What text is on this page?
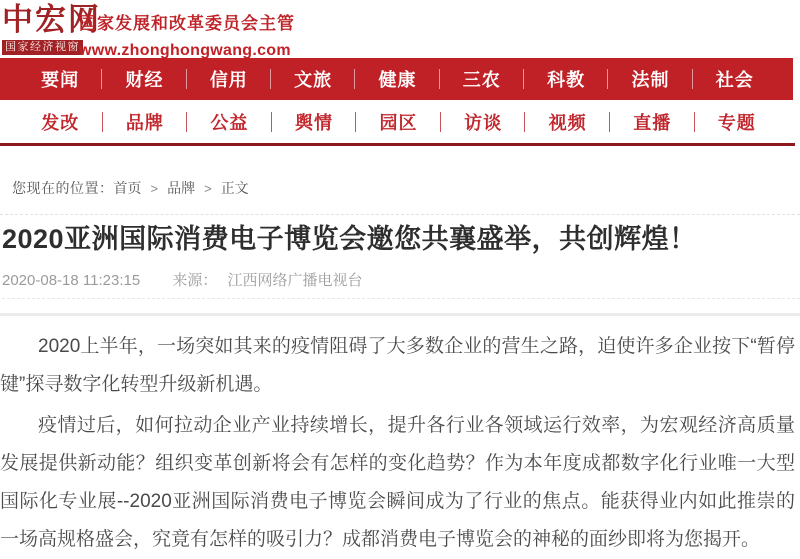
中宏网
国家经济视窗
国家发展和改革委员会主管
www.zhonghongwang.com
要闻	财经	信用	文旅	健康	三农	科教	法制	社会
发改	品牌	公益	舆情	园区	访谈	视频	直播	专题
您现在的位置：首页 > 品牌 > 正文
2020亚洲国际消费电子博览会邀您共襄盛举，共创辉煌！
2020-08-18 11:23:15 来源： 江西网络广播电视台

2020上半年，一场突如其来的疫情阻碍了大多数企业的营生之路，迫使许多企业按下“暂停键”探寻数字化转型升级新机遇。

疫情过后，如何拉动企业产业持续增长，提升各行业各领域运行效率，为宏观经济高质量发展提供新动能？组织变革创新将会有怎样的变化趋势？作为本年度成都数字化行业唯一大型国际化专业展--2020亚洲国际消费电子博览会瞬间成为了行业的焦点。能获得业内如此推崇的一场高规格盛会，究竟有怎样的吸引力？成都消费电子博览会的神秘的面纱即将为您揭开。
